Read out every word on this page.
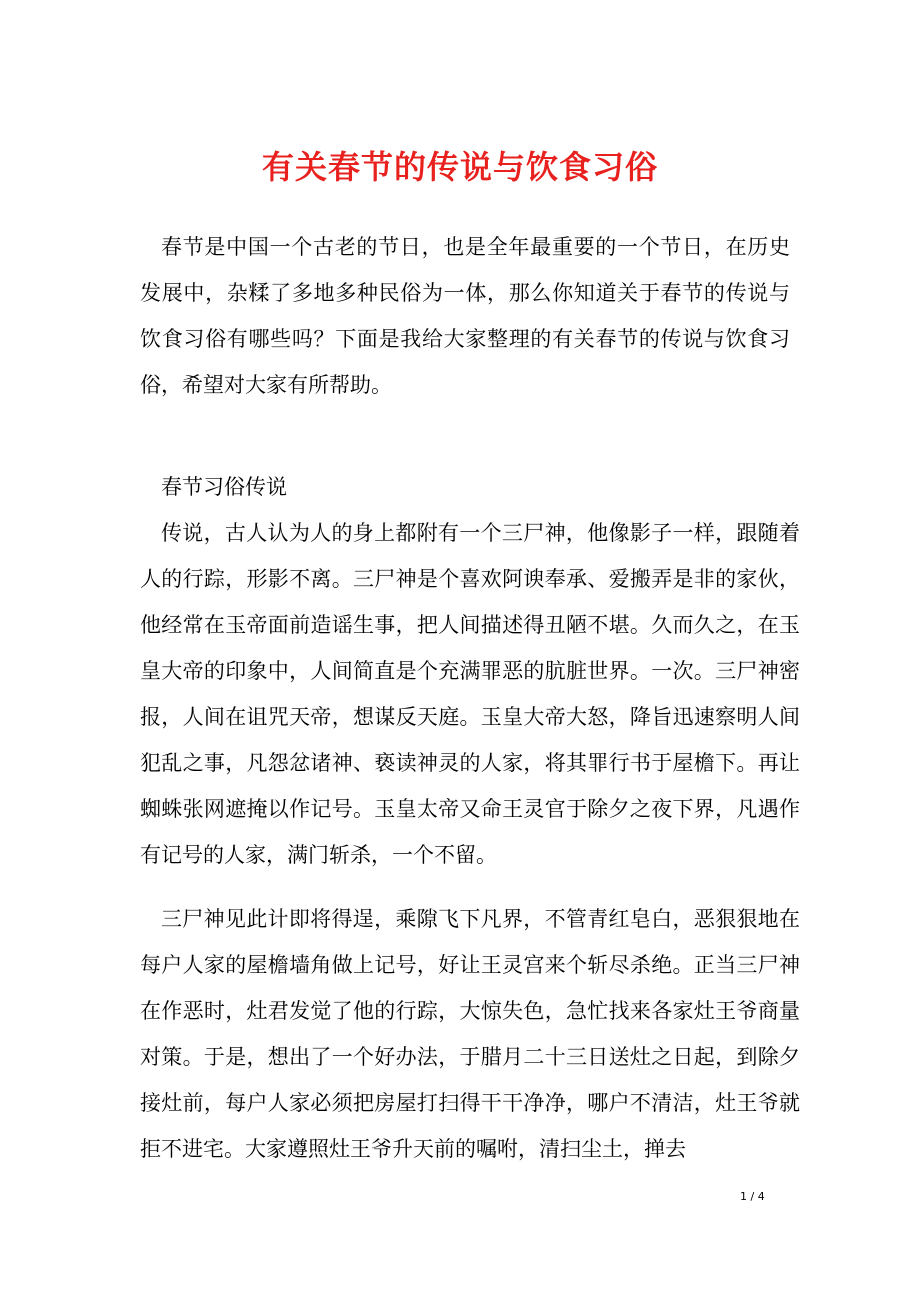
有关春节的传说与饮食习俗

春节是中国一个古老的节日，也是全年最重要的一个节日，在历史发展中，杂糅了多地多种民俗为一体，那么你知道关于春节的传说与饮食习俗有哪些吗？下面是我给大家整理的有关春节的传说与饮食习俗，希望对大家有所帮助。

春节习俗传说

传说，古人认为人的身上都附有一个三尸神，他像影子一样，跟随着人的行踪，形影不离。三尸神是个喜欢阿谀奉承、爱搬弄是非的家伙，他经常在玉帝面前造谣生事，把人间描述得丑陋不堪。久而久之，在玉皇大帝的印象中，人间简直是个充满罪恶的肮脏世界。一次。三尸神密报，人间在诅咒天帝，想谋反天庭。玉皇大帝大怒，降旨迅速察明人间犯乱之事，凡怨忿诸神、亵读神灵的人家，将其罪行书于屋檐下。再让蜘蛛张网遮掩以作记号。玉皇太帝又命王灵官于除夕之夜下界，凡遇作有记号的人家，满门斩杀，一个不留。

三尸神见此计即将得逞，乘隙飞下凡界，不管青红皂白，恶狠狠地在每户人家的屋檐墙角做上记号，好让王灵宫来个斩尽杀绝。正当三尸神在作恶时，灶君发觉了他的行踪，大惊失色，急忙找来各家灶王爷商量对策。于是，想出了一个好办法，于腊月二十三日送灶之日起，到除夕接灶前，每户人家必须把房屋打扫得干干净净，哪户不清洁，灶王爷就拒不进宅。大家遵照灶王爷升天前的嘱咐，清扫尘土，掸去

1 / 4
